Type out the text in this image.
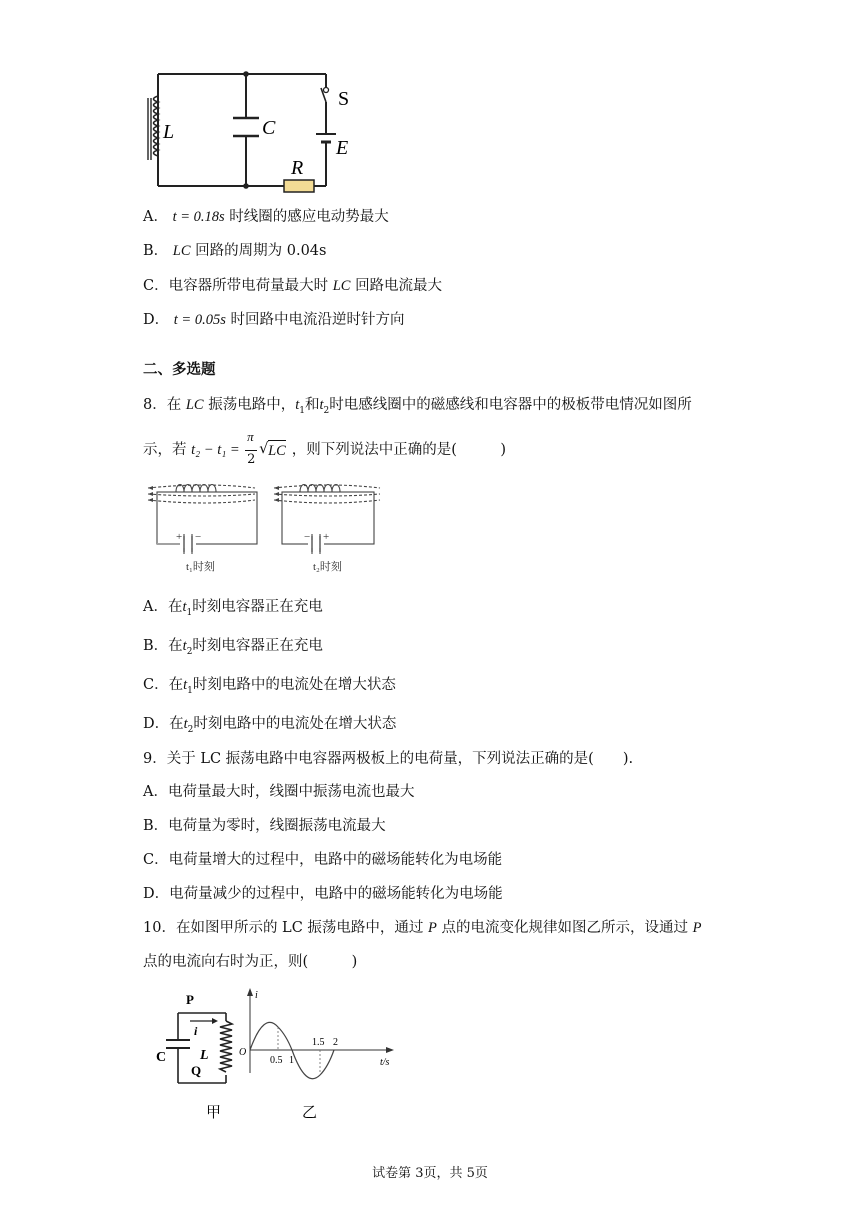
L	C
S
E
R
A． t = 0.18s 时线圈的感应电动势最大
B． LC 回路的周期为 0.04s
C．电容器所带电荷量最大时 LC 回路电流最大
D． t = 0.05s 时回路中电流沿逆时针方向
二、多选题
8．在 LC 振荡电路中，$t_1$和$t_2$时电感线圈中的磁感线和电容器中的极板带电情况如图所
示，若 t₂ − t₁ =
π
2
√ LC ，则下列说法中正确的是(　　　)
+ −	− +
t₁时刻	t₂时刻
A．在$t_1$时刻电容器正在充电
B．在$t_2$时刻电容器正在充电
C．在$t_1$时刻电路中的电流处在增大状态
D．在$t_2$时刻电路中的电流处在增大状态
9．关于 LC 振荡电路中电容器两极板上的电荷量，下列说法正确的是(　　).
A．电荷量最大时，线圈中振荡电流也最大
B．电荷量为零时，线圈振荡电流最大
C．电荷量增大的过程中，电路中的磁场能转化为电场能
D．电荷量减少的过程中，电路中的磁场能转化为电场能
10．在如图甲所示的 LC 振荡电路中，通过 P 点的电流变化规律如图乙所示，设通过 P
点的电流向右时为正，则(　　　)
P
i
C L
Q
i
O
t/s
0.5 1
1.5 2
甲	乙
试卷第 3页，共 5页
